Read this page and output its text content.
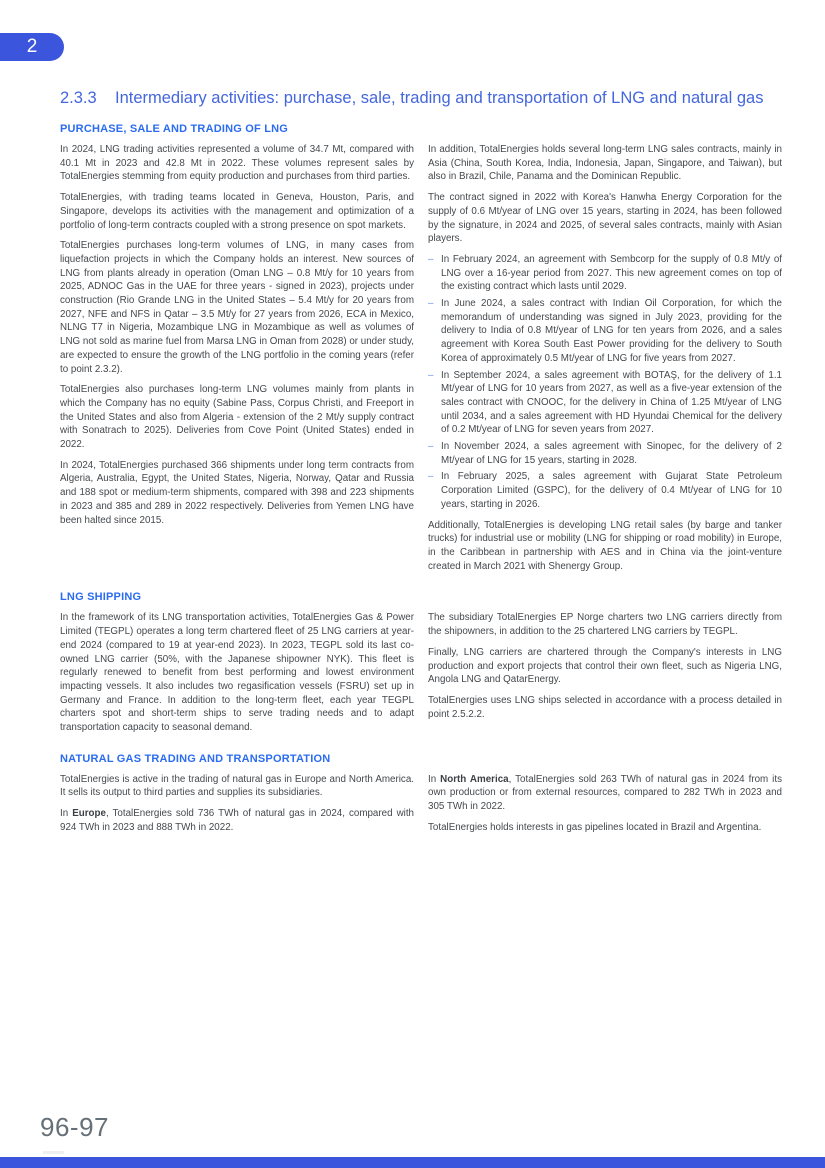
2
2.3.3	Intermediary activities: purchase, sale, trading and transportation of LNG and natural gas
PURCHASE, SALE AND TRADING OF LNG

In 2024, LNG trading activities represented a volume of 34.7 Mt, compared with 40.1 Mt in 2023 and 42.8 Mt in 2022. These volumes represent sales by TotalEnergies stemming from equity production and purchases from third parties.

TotalEnergies, with trading teams located in Geneva, Houston, Paris, and Singapore, develops its activities with the management and optimization of a portfolio of long-term contracts coupled with a strong presence on spot markets.

TotalEnergies purchases long-term volumes of LNG, in many cases from liquefaction projects in which the Company holds an interest. New sources of LNG from plants already in operation (Oman LNG – 0.8 Mt/y for 10 years from 2025, ADNOC Gas in the UAE for three years - signed in 2023), projects under construction (Rio Grande LNG in the United States – 5.4 Mt/y for 20 years from 2027, NFE and NFS in Qatar – 3.5 Mt/y for 27 years from 2026, ECA in Mexico, NLNG T7 in Nigeria, Mozambique LNG in Mozambique as well as volumes of LNG not sold as marine fuel from Marsa LNG in Oman from 2028) or under study, are expected to ensure the growth of the LNG portfolio in the coming years (refer to point 2.3.2).

TotalEnergies also purchases long-term LNG volumes mainly from plants in which the Company has no equity (Sabine Pass, Corpus Christi, and Freeport in the United States and also from Algeria - extension of the 2 Mt/y supply contract with Sonatrach to 2025). Deliveries from Cove Point (United States) ended in 2022.

In 2024, TotalEnergies purchased 366 shipments under long term contracts from Algeria, Australia, Egypt, the United States, Nigeria, Norway, Qatar and Russia and 188 spot or medium-term shipments, compared with 398 and 223 shipments in 2023 and 385 and 289 in 2022 respectively. Deliveries from Yemen LNG have been halted since 2015.

In addition, TotalEnergies holds several long-term LNG sales contracts, mainly in Asia (China, South Korea, India, Indonesia, Japan, Singapore, and Taiwan), but also in Brazil, Chile, Panama and the Dominican Republic.

The contract signed in 2022 with Korea's Hanwha Energy Corporation for the supply of 0.6 Mt/year of LNG over 15 years, starting in 2024, has been followed by the signature, in 2024 and 2025, of several sales contracts, mainly with Asian players.

– In February 2024, an agreement with Sembcorp for the supply of 0.8 Mt/y of LNG over a 16-year period from 2027. This new agreement comes on top of the existing contract which lasts until 2029.
– In June 2024, a sales contract with Indian Oil Corporation, for which the memorandum of understanding was signed in July 2023, providing for the delivery to India of 0.8 Mt/year of LNG for ten years from 2026, and a sales agreement with Korea South East Power providing for the delivery to South Korea of approximately 0.5 Mt/year of LNG for five years from 2027.
– In September 2024, a sales agreement with BOTAŞ, for the delivery of 1.1 Mt/year of LNG for 10 years from 2027, as well as a five-year extension of the sales contract with CNOOC, for the delivery in China of 1.25 Mt/year of LNG until 2034, and a sales agreement with HD Hyundai Chemical for the delivery of 0.2 Mt/year of LNG for seven years from 2027.
– In November 2024, a sales agreement with Sinopec, for the delivery of 2 Mt/year of LNG for 15 years, starting in 2028.
– In February 2025, a sales agreement with Gujarat State Petroleum Corporation Limited (GSPC), for the delivery of 0.4 Mt/year of LNG for 10 years, starting in 2026.

Additionally, TotalEnergies is developing LNG retail sales (by barge and tanker trucks) for industrial use or mobility (LNG for shipping or road mobility) in Europe, in the Caribbean in partnership with AES and in China via the joint-venture created in March 2021 with Shenergy Group.

LNG SHIPPING

In the framework of its LNG transportation activities, TotalEnergies Gas & Power Limited (TEGPL) operates a long term chartered fleet of 25 LNG carriers at year-end 2024 (compared to 19 at year-end 2023). In 2023, TEGPL sold its last co-owned LNG carrier (50%, with the Japanese shipowner NYK). This fleet is regularly renewed to benefit from best performing and lowest environment impacting vessels. It also includes two regasification vessels (FSRU) set up in Germany and France. In addition to the long-term fleet, each year TEGPL charters spot and short-term ships to serve trading needs and to adapt transportation capacity to seasonal demand.

The subsidiary TotalEnergies EP Norge charters two LNG carriers directly from the shipowners, in addition to the 25 chartered LNG carriers by TEGPL.

Finally, LNG carriers are chartered through the Company's interests in LNG production and export projects that control their own fleet, such as Nigeria LNG, Angola LNG and QatarEnergy.

TotalEnergies uses LNG ships selected in accordance with a process detailed in point 2.5.2.2.

NATURAL GAS TRADING AND TRANSPORTATION

TotalEnergies is active in the trading of natural gas in Europe and North America. It sells its output to third parties and supplies its subsidiaries.

In Europe, TotalEnergies sold 736 TWh of natural gas in 2024, compared with 924 TWh in 2023 and 888 TWh in 2022.

In North America, TotalEnergies sold 263 TWh of natural gas in 2024 from its own production or from external resources, compared to 282 TWh in 2023 and 305 TWh in 2022.

TotalEnergies holds interests in gas pipelines located in Brazil and Argentina.

96-97
